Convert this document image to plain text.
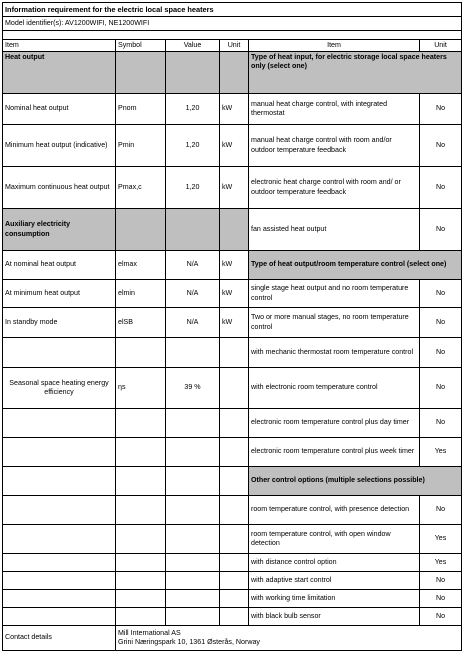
Information requirement for the electric local space heaters					
Model identifier(s): AV1200WIFI, NE1200WIFI					

Item	Symbol	Value	Unit	Item	Unit
Heat output				Type of heat input, for electric storage local space heaters only (select one)	
Nominal heat output	Pnom	1,20	kW	manual heat charge control, with integrated thermostat	No
Minimum heat output (indicative)	Pmin	1,20	kW	manual heat charge control with room and/or outdoor temperature feedback	No
Maximum continuous heat output	Pmax,c	1,20	kW	electronic heat charge control with room and/ or outdoor temperature feedback	No
Auxiliary electricity consumption				fan assisted heat output	No
At nominal heat output	elmax	N/A	kW	Type of heat output/room temperature control (select one)	
At minimum heat output	elmin	N/A	kW	single stage heat output and no room temperature control	No
In standby mode	elSB	N/A	kW	Two or more manual stages, no room temperature control	No
				with mechanic thermostat room temperature control	No
Seasonal space heating energy efficiency	ηs	39 %		with electronic room temperature control	No
				electronic room temperature control plus day timer	No
				electronic room temperature control plus week timer	Yes
				Other control options (multiple selections possible)	
				room temperature control, with presence detection	No
				room temperature control, with open window detection	Yes
				with distance control option	Yes
				with adaptive start control	No
				with working time limitation	No
				with black bulb sensor	No
Contact details	Mill International AS
Grini Næringspark 10, 1361 Østerås, Norway				
